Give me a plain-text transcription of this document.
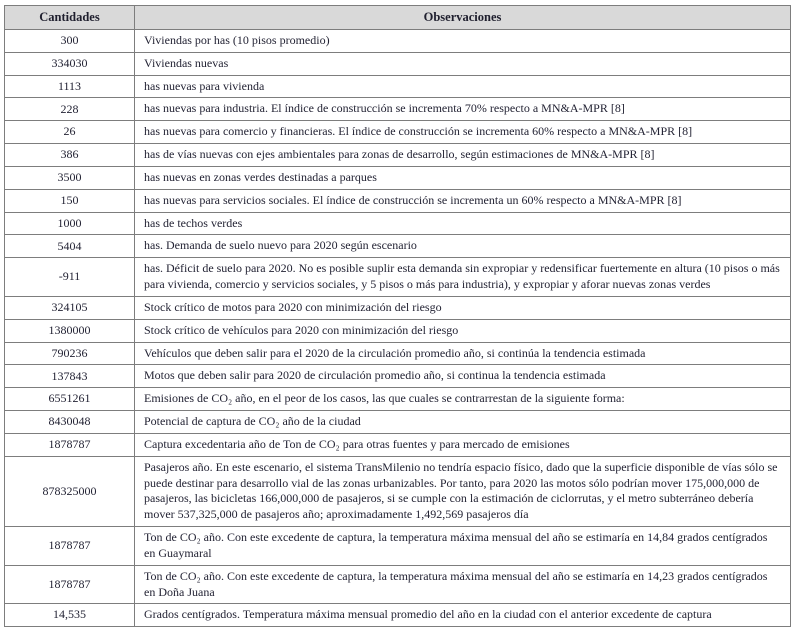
Cantidades	Observaciones
300	Viviendas por has (10 pisos promedio)
334030	Viviendas nuevas
1113	has nuevas para vivienda
228	has nuevas para industria. El índice de construcción se incrementa 70% respecto a MN&A-MPR [8]
26	has nuevas para comercio y financieras. El índice de construcción se incrementa 60% respecto a MN&A-MPR [8]
386	has de vías nuevas con ejes ambientales para zonas de desarrollo, según estimaciones de MN&A-MPR [8]
3500	has nuevas en zonas verdes destinadas a parques
150	has nuevas para servicios sociales. El índice de construcción se incrementa un 60% respecto a MN&A-MPR [8]
1000	has de techos verdes
5404	has. Demanda de suelo nuevo para 2020 según escenario
-911	has. Déficit de suelo para 2020. No es posible suplir esta demanda sin expropiar y redensificar fuertemente en altura (10 pisos o más para vivienda, comercio y servicios sociales, y 5 pisos o más para industria), y expropiar y aforar nuevas zonas verdes
324105	Stock crítico de motos para 2020 con minimización del riesgo
1380000	Stock crítico de vehículos para 2020 con minimización del riesgo
790236	Vehículos que deben salir para el 2020 de la circulación promedio año, si continúa la tendencia estimada
137843	Motos que deben salir para 2020 de circulación promedio año, si continua la tendencia estimada
6551261	Emisiones de CO₂ año, en el peor de los casos, las que cuales se contrarrestan de la siguiente forma:
8430048	Potencial de captura de CO₂ año de la ciudad
1878787	Captura excedentaria año de Ton de CO₂ para otras fuentes y para mercado de emisiones
878325000	Pasajeros año. En este escenario, el sistema TransMilenio no tendría espacio físico, dado que la superficie disponible de vías sólo se puede destinar para desarrollo vial de las zonas urbanizables. Por tanto, para 2020 las motos sólo podrían mover 175,000,000 de pasajeros, las bicicletas 166,000,000 de pasajeros, si se cumple con la estimación de ciclorrutas, y el metro subterráneo debería mover 537,325,000 de pasajeros año; aproximadamente 1,492,569 pasajeros día
1878787	Ton de CO₂ año. Con este excedente de captura, la temperatura máxima mensual del año se estimaría en 14,84 grados centígrados en Guaymaral
1878787	Ton de CO₂ año. Con este excedente de captura, la temperatura máxima mensual del año se estimaría en 14,23 grados centígrados en Doña Juana
14,535	Grados centígrados. Temperatura máxima mensual promedio del año en la ciudad con el anterior excedente de captura
